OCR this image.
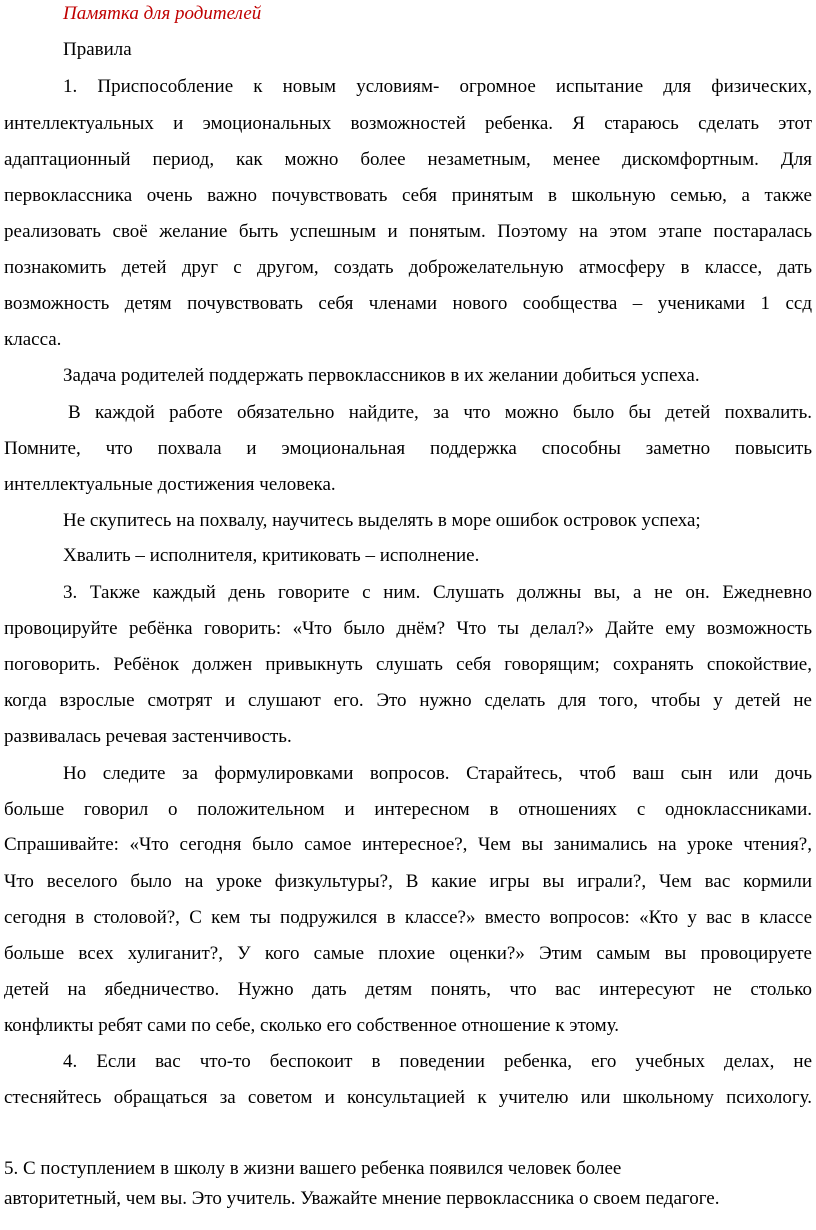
Памятка для родителей
Правила
1. Приспособление к новым условиям- огромное испытание для физических,
интеллектуальных и эмоциональных возможностей ребенка. Я стараюсь сделать этот
адаптационный период, как можно более незаметным, менее дискомфортным. Для
первоклассника очень важно почувствовать себя принятым в школьную семью, а также
реализовать своё желание быть успешным и понятым. Поэтому на этом этапе постаралась
познакомить детей друг с другом, создать доброжелательную атмосферу в классе, дать
возможность детям почувствовать себя членами нового сообщества – учениками 1 ссд
класса.
Задача родителей поддержать первоклассников в их желании добиться успеха.
В каждой работе обязательно найдите, за что можно было бы детей похвалить.
Помните, что похвала и эмоциональная поддержка способны заметно повысить
интеллектуальные достижения человека.
Не скупитесь на похвалу, научитесь выделять в море ошибок островок успеха;
Хвалить – исполнителя, критиковать – исполнение.
3. Также каждый день говорите с ним. Слушать должны вы, а не он. Ежедневно
провоцируйте ребёнка говорить: «Что было днём? Что ты делал?» Дайте ему возможность
поговорить. Ребёнок должен привыкнуть слушать себя говорящим; сохранять спокойствие,
когда взрослые смотрят и слушают его. Это нужно сделать для того, чтобы у детей не
развивалась речевая застенчивость.
Но следите за формулировками вопросов. Старайтесь, чтоб ваш сын или дочь
больше говорил о положительном и интересном в отношениях с одноклассниками.
Спрашивайте: «Что сегодня было самое интересное?, Чем вы занимались на уроке чтения?,
Что веселого было на уроке физкультуры?, В какие игры вы играли?, Чем вас кормили
сегодня в столовой?, С кем ты подружился в классе?» вместо вопросов: «Кто у вас в классе
больше всех хулиганит?, У кого самые плохие оценки?» Этим самым вы провоцируете
детей на ябедничество. Нужно дать детям понять, что вас интересуют не столько
конфликты ребят сами по себе, сколько его собственное отношение к этому.
4. Если вас что-то беспокоит в поведении ребенка, его учебных делах, не
стесняйтесь обращаться за советом и консультацией к учителю или школьному психологу.
5. С поступлением в школу в жизни вашего ребенка появился человек более
авторитетный, чем вы. Это учитель. Уважайте мнение первоклассника о своем педагоге.
